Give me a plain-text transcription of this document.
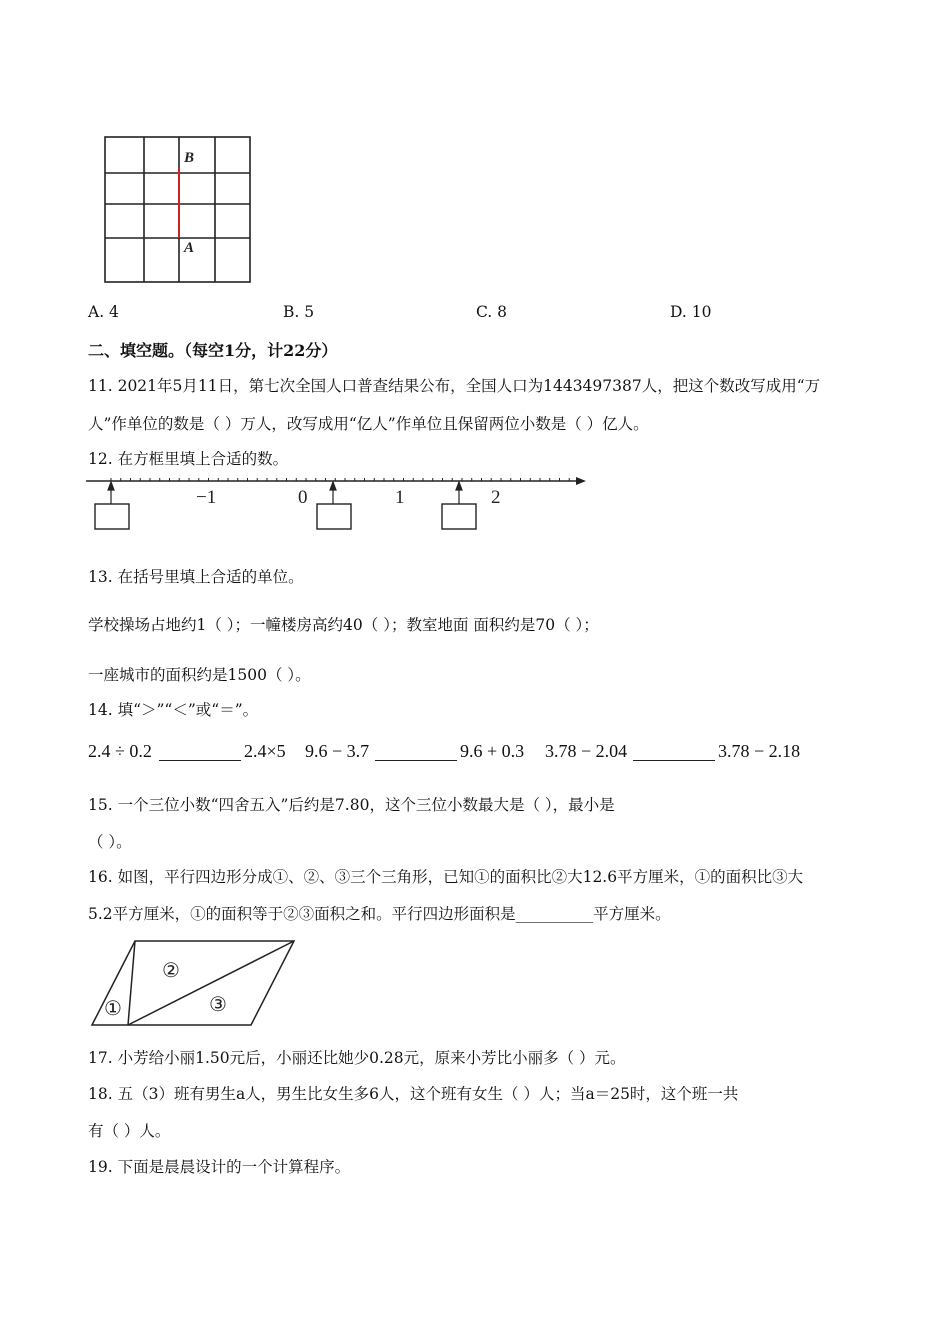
B
A
A. 4	B. 5	C. 8	D. 10
二、填空题。（每空1分，计22分）
11. 2021年5月11日，第七次全国人口普查结果公布，全国人口为1443497387人，把这个数改写成用“万
人”作单位的数是（ ）万人，改写成用“亿人”作单位且保留两位小数是（ ）亿人。
12. 在方框里填上合适的数。
−1	0	1	2
13. 在括号里填上合适的单位。
学校操场占地约1（ ）；一幢楼房高约40（ ）；教室地面 面积约是70（ ）；
一座城市的面积约是1500（ ）。
14. 填“＞”“＜”或“＝”。
2.4 ÷ 0.2	2.4×5 9.6 − 3.7	9.6 + 0.3 3.78 − 2.04	3.78 − 2.18
15. 一个三位小数“四舍五入”后约是7.80，这个三位小数最大是（ ），最小是
（ ）。
16. 如图，平行四边形分成①、②、③三个三角形，已知①的面积比②大12.6平方厘米，①的面积比③大
5.2平方厘米，①的面积等于②③面积之和。平行四边形面积是__________平方厘米。
①
②
③
17. 小芳给小丽1.50元后，小丽还比她少0.28元，原来小芳比小丽多（ ）元。
18. 五（3）班有男生a人，男生比女生多6人，这个班有女生（ ）人；当a＝25时，这个班一共
有（ ）人。
19. 下面是晨晨设计的一个计算程序。
